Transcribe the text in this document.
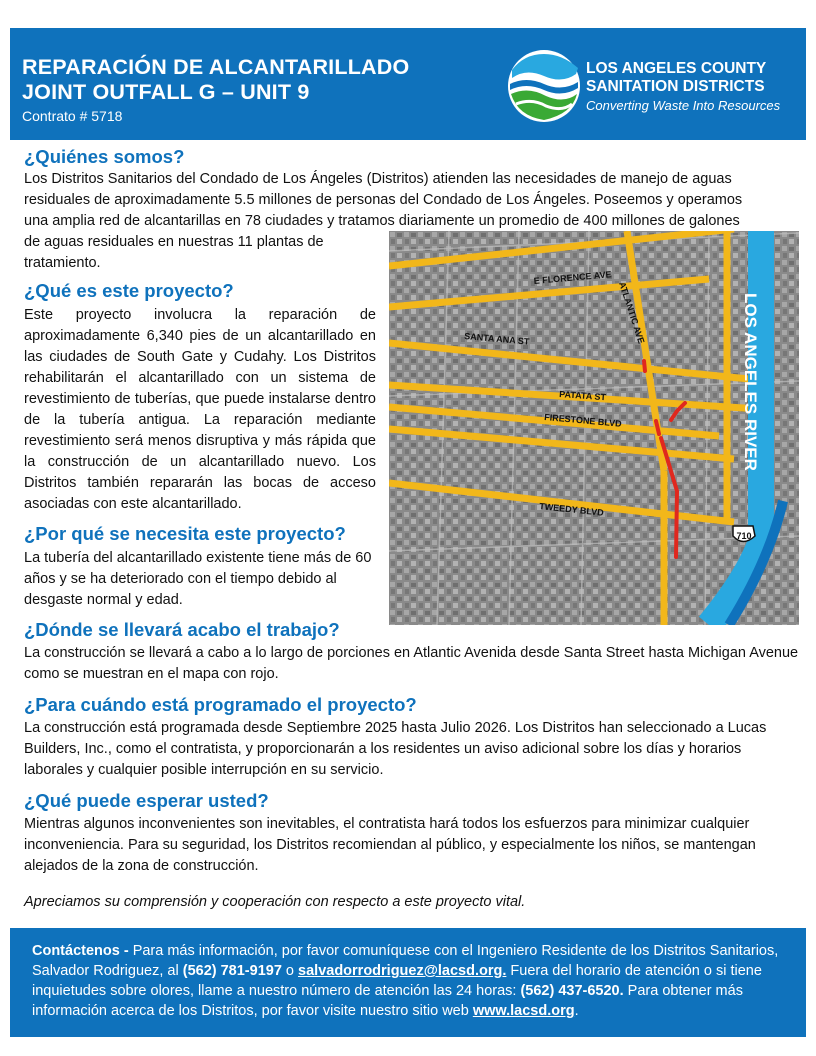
REPARACIÓN DE ALCANTARILLADO
JOINT OUTFALL G – UNIT 9
Contrato # 5718
LOS ANGELES COUNTY
SANITATION DISTRICTS
Converting Waste Into Resources
¿Quiénes somos?
Los Distritos Sanitarios del Condado de Los Ángeles (Distritos) atienden las necesidades de manejo de aguas
residuales de aproximadamente 5.5 millones de personas del Condado de Los Ángeles. Poseemos y operamos
una amplia red de alcantarillas en 78 ciudades y tratamos diariamente un promedio de 400 millones de galones
de aguas residuales en nuestras 11 plantas de
tratamiento.
¿Qué es este proyecto?

Este proyecto involucra la reparación de aproximadamente 6,340 pies de un alcantarillado en las ciudades de South Gate y Cudahy. Los Distritos rehabilitarán el alcantarillado con un sistema de revestimiento de tuberías, que puede instalarse dentro de la tubería antigua. La reparación mediante revestimiento será menos disruptiva y más rápida que la construcción de un alcantarillado nuevo. Los Distritos también repararán las bocas de acceso asociadas con este alcantarillado.

¿Por qué se necesita este proyecto?

La tubería del alcantarillado existente tiene más de 60 años y se ha deteriorado con el tiempo debido al desgaste normal y edad.

¿Dónde se llevará acabo el trabajo?

La construcción se llevará a cabo a lo largo de porciones en Atlantic Avenida desde Santa Street hasta Michigan Avenue como se muestran en el mapa con rojo.

¿Para cuándo está programado el proyecto?

La construcción está programada desde Septiembre 2025 hasta Julio 2026. Los Distritos han seleccionado a Lucas Builders, Inc., como el contratista, y proporcionarán a los residentes un aviso adicional sobre los días y horarios laborales y cualquier posible interrupción en su servicio.

¿Qué puede esperar usted?

Mientras algunos inconvenientes son inevitables, el contratista hará todos los esfuerzos para minimizar cualquier inconveniencia. Para su seguridad, los Distritos recomiendan al público, y especialmente los niños, se mantengan alejados de la zona de construcción.

Apreciamos su comprensión y cooperación con respecto a este proyecto vital.

E FLORENCE AVE
SANTA ANA ST
PATATA ST
FIRESTONE BLVD
TWEEDY BLVD
ATLANTIC AVE	LOS ANGELES RIVER
710
Contáctenos - Para más información, por favor comuníquese con el Ingeniero Residente de los Distritos Sanitarios, Salvador Rodriguez, al (562) 781-9197 o salvadorrodriguez@lacsd.org. Fuera del horario de atención o si tiene inquietudes sobre olores, llame a nuestro número de atención las 24 horas: (562) 437-6520. Para obtener más información acerca de los Distritos, por favor visite nuestro sitio web www.lacsd.org.
